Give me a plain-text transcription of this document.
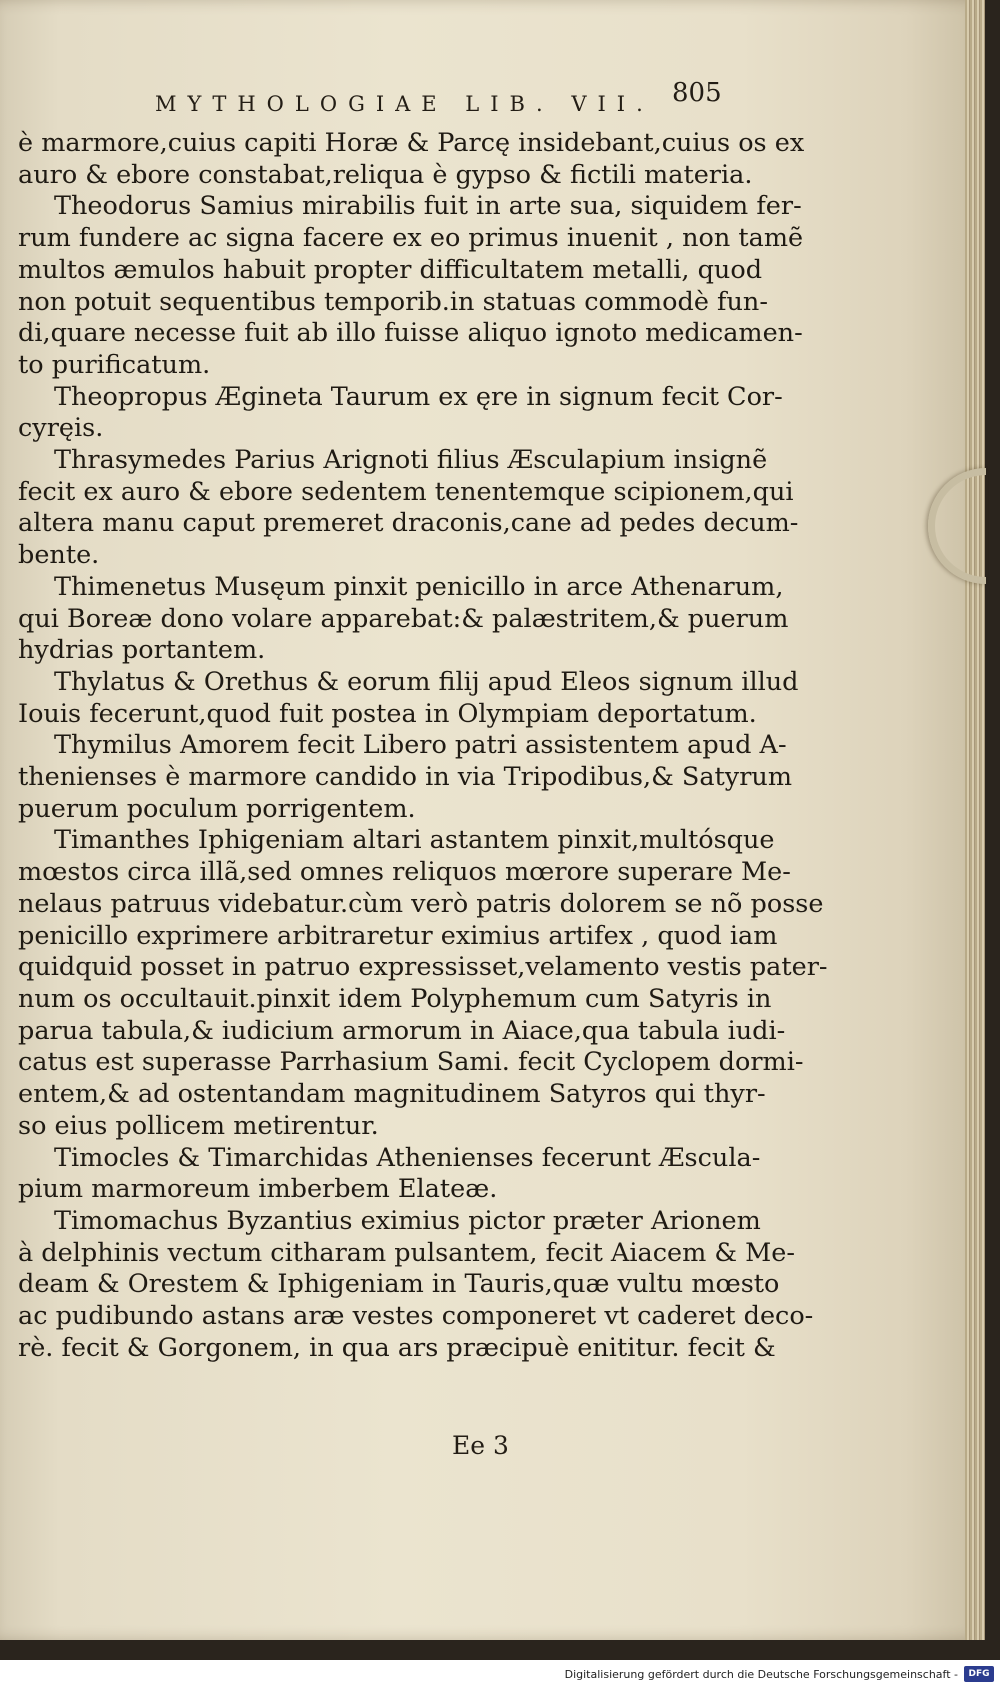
MYTHOLOGIAE LIB. VII. 805

è marmore,cuius capiti Horæ & Parcę insidebant,cuius os ex
auro & ebore constabat,reliqua è gypso & fictili materia.

Theodorus Samius mirabilis fuit in arte sua, siquidem fer-
rum fundere ac signa facere ex eo primus inuenit , non tamẽ
multos æmulos habuit propter difficultatem metalli, quod
non potuit sequentibus temporib.in statuas commodè fun-
di,quare necesse fuit ab illo fuisse aliquo ignoto medicamen-
to purificatum.

Theopropus Ægineta Taurum ex ęre in signum fecit Cor-
cyręis.

Thrasymedes Parius Arignoti filius Æsculapium insignẽ
fecit ex auro & ebore sedentem tenentemque scipionem,qui
altera manu caput premeret draconis,cane ad pedes decum-
bente.

Thimenetus Musęum pinxit penicillo in arce Athenarum,
qui Boreæ dono volare apparebat:& palæstritem,& puerum
hydrias portantem.

Thylatus & Orethus & eorum filij apud Eleos signum illud
Iouis fecerunt,quod fuit postea in Olympiam deportatum.

Thymilus Amorem fecit Libero patri assistentem apud A-
thenienses è marmore candido in via Tripodibus,& Satyrum
puerum poculum porrigentem.

Timanthes Iphigeniam altari astantem pinxit,multósque
mœstos circa illã,sed omnes reliquos mœrore superare Me-
nelaus patruus videbatur.cùm verò patris dolorem se nõ posse
penicillo exprimere arbitraretur eximius artifex , quod iam
quidquid posset in patruo expressisset,velamento vestis pater-
num os occultauit.pinxit idem Polyphemum cum Satyris in
parua tabula,& iudicium armorum in Aiace,qua tabula iudi-
catus est superasse Parrhasium Sami. fecit Cyclopem dormi-
entem,& ad ostentandam magnitudinem Satyros qui thyr-
so eius pollicem metirentur.

Timocles & Timarchidas Athenienses fecerunt Æscula-
pium marmoreum imberbem Elateæ.

Timomachus Byzantius eximius pictor præter Arionem
à delphinis vectum citharam pulsantem, fecit Aiacem & Me-
deam & Orestem & Iphigeniam in Tauris,quæ vultu mœsto
ac pudibundo astans aræ vestes componeret vt caderet deco-
rè. fecit & Gorgonem, in qua ars præcipuè enititur. fecit &

Ee 3
Digitalisierung gefördert durch die Deutsche Forschungsgemeinschaft -	DFG
